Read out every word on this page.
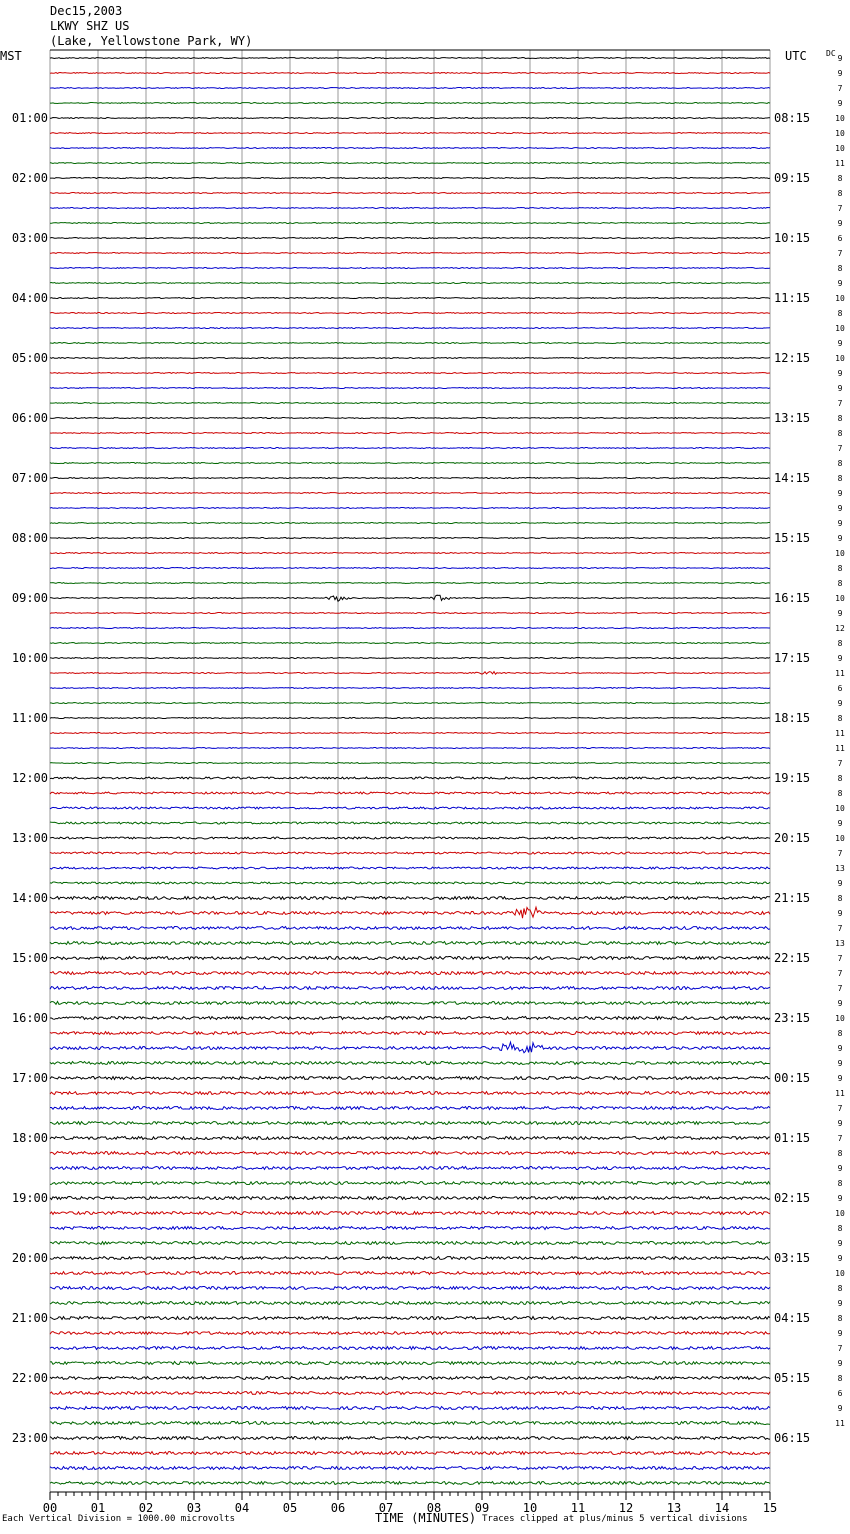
Dec15,2003
LKWY SHZ US
(Lake, Yellowstone Park, WY)
MST	UTC DC
01:00	08:15
02:00	09:15
03:00	10:15
04:00	11:15
05:00	12:15
06:00	13:15
07:00	14:15
08:00	15:15
09:00	16:15
10:00	17:15
11:00	18:15
12:00	19:15
13:00	20:15
14:00	21:15
15:00	22:15
16:00	23:15
17:00	00:15
18:00	01:15
19:00	02:15
20:00	03:15
21:00	04:15
22:00	05:15
23:00	06:15
9
9
7
9
10
10
10
11
8
8
7
9
6
7
8
9
10
8
10
9
10
9
9
7
8
8
7
8
8
9
9
9
9
10
8
8
10
9
12
8
9
11
6
9
8
11
11
7
8
8
10
9
10
7
13
9
8
9
7
13
7
7
7
9
10
8
9
9
9
11
7
9
7
8
9
8
9
10
8
9
9
10
8
9
8
9
7
9
8
6
9
11
00	01	02	03	04	05	06	07	08	09	10	11	12	13	14	15
Each Vertical Division = 1000.00 microvolts	TIME (MINUTES) Traces clipped at plus/minus 5 vertical divisions
